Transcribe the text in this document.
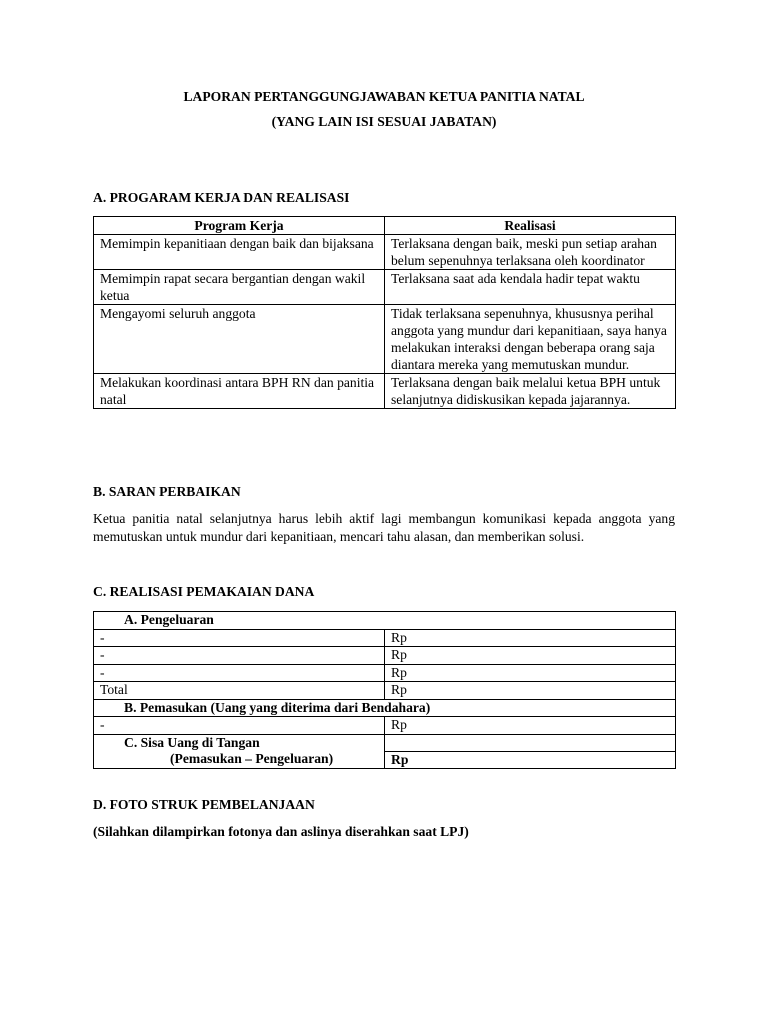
LAPORAN PERTANGGUNGJAWABAN KETUA PANITIA NATAL
(YANG LAIN ISI SESUAI JABATAN)
A. PROGARAM KERJA DAN REALISASI
Program Kerja	Realisasi
Memimpin kepanitiaan dengan baik dan bijaksana	Terlaksana dengan baik, meski pun setiap arahan belum sepenuhnya terlaksana oleh koordinator
Memimpin rapat secara bergantian dengan wakil ketua	Terlaksana saat ada kendala hadir tepat waktu
Mengayomi seluruh anggota	Tidak terlaksana sepenuhnya, khususnya perihal anggota yang mundur dari kepanitiaan, saya hanya melakukan interaksi dengan beberapa orang saja diantara mereka yang memutuskan mundur.
Melakukan koordinasi antara BPH RN dan panitia natal	Terlaksana dengan baik melalui ketua BPH untuk selanjutnya didiskusikan kepada jajarannya.
B. SARAN PERBAIKAN
Ketua panitia natal selanjutnya harus lebih aktif lagi membangun komunikasi kepada anggota yang memutuskan untuk mundur dari kepanitiaan, mencari tahu alasan, dan memberikan solusi.
C. REALISASI PEMAKAIAN DANA
A. Pengeluaran	
-	Rp
-	Rp
-	Rp
Total	Rp
B. Pemasukan (Uang yang diterima dari Bendahara)	
-	Rp
C. Sisa Uang di Tangan	
(Pemasukan – Pengeluaran)	Rp
D. FOTO STRUK PEMBELANJAAN
(Silahkan dilampirkan fotonya dan aslinya diserahkan saat LPJ)
